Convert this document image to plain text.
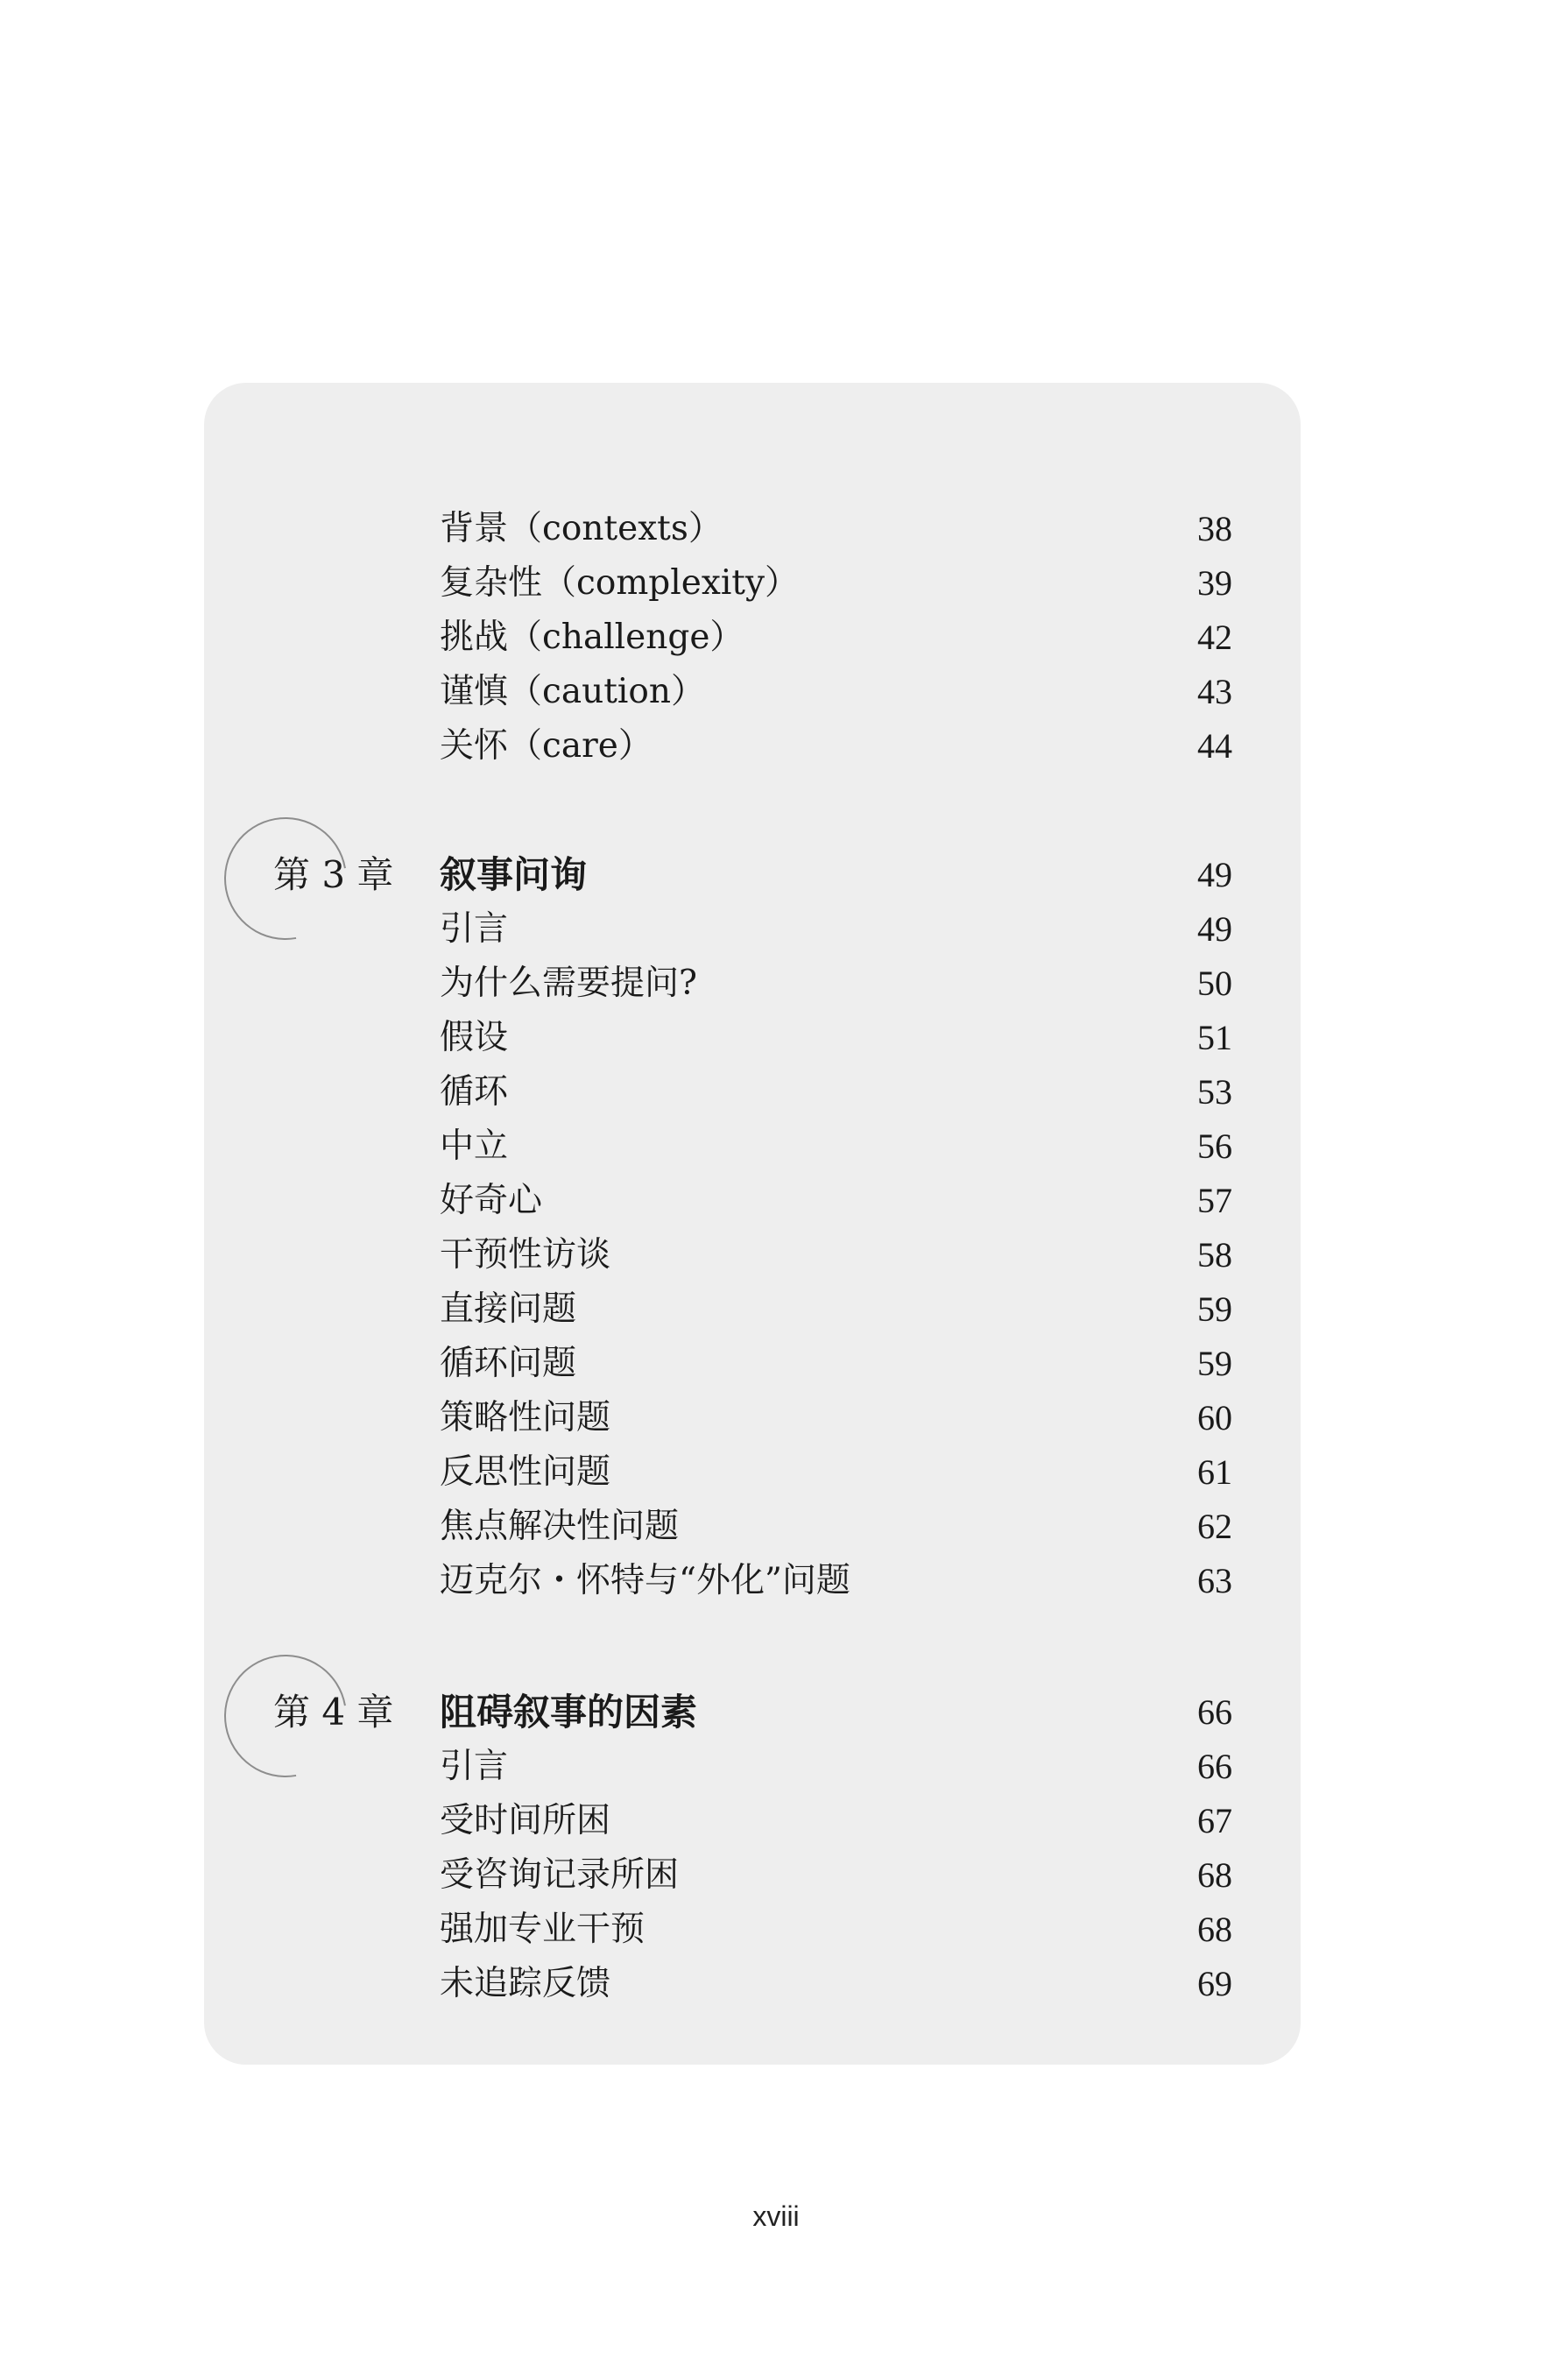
背景（contexts）	38
复杂性（complexity）	39
挑战（challenge）	42
谨慎（caution）	43
关怀（care）	44
第 3 章 叙事问询	49
引言	49
为什么需要提问?	50
假设	51
循环	53
中立	56
好奇心	57
干预性访谈	58
直接问题	59
循环问题	59
策略性问题	60
反思性问题	61
焦点解决性问题	62
迈克尔・怀特与“外化”问题	63
第 4 章 阻碍叙事的因素	66
引言	66
受时间所困	67
受咨询记录所困	68
强加专业干预	68
未追踪反馈	69
xviii
